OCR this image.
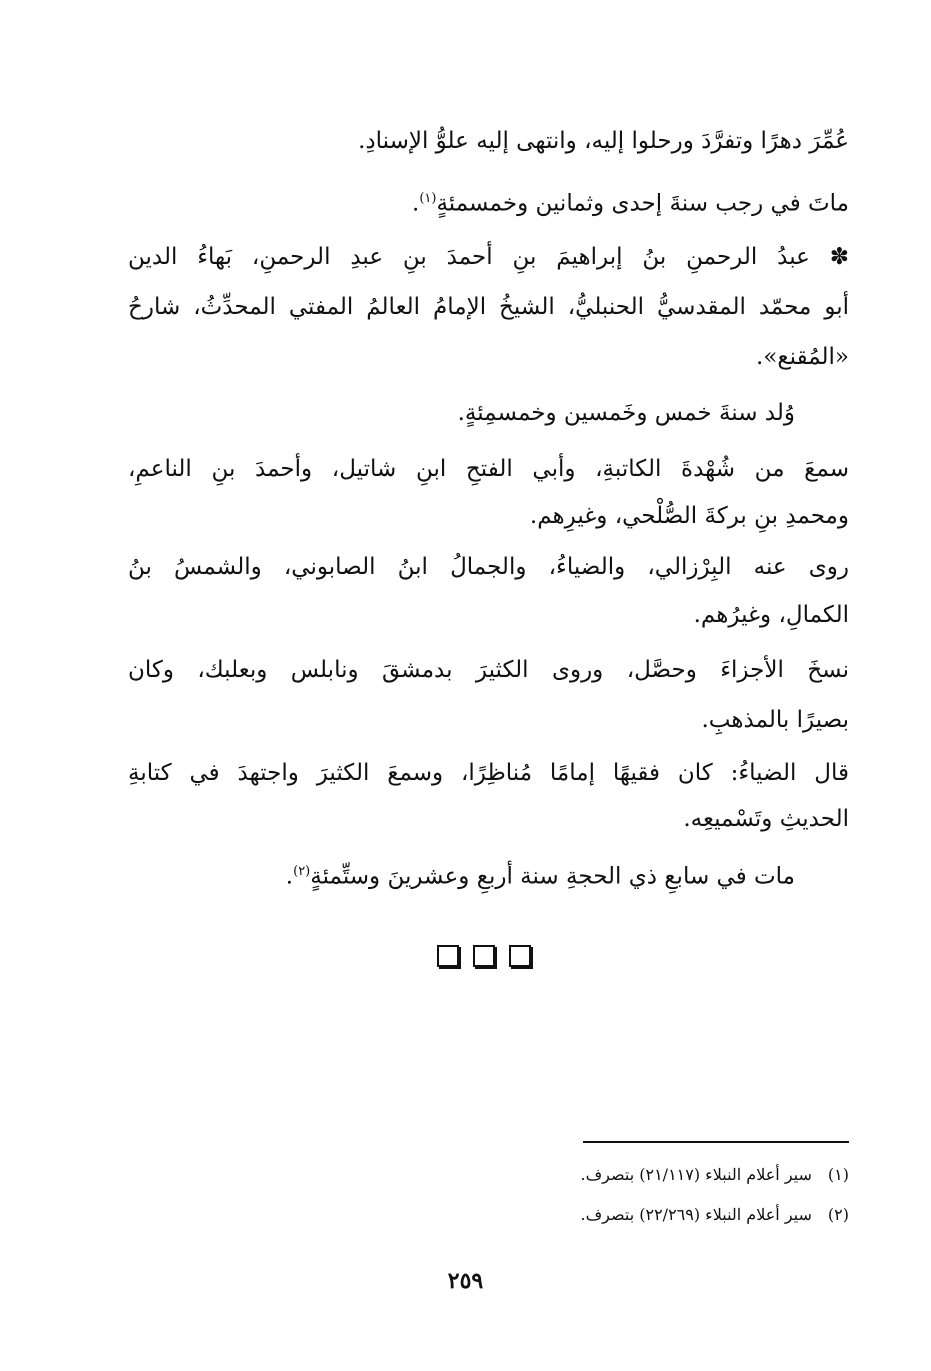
عُمِّرَ دهرًا وتفرَّدَ ورحلوا إليه، وانتهى إليه علوُّ الإسنادِ.
ماتَ في رجب سنةَ إحدى وثمانين وخمسمئةٍ$^{(١)}$.
✽ عبدُ الرحمنِ بنُ إبراهيمَ بنِ أحمدَ بنِ عبدِ الرحمنِ، بَهاءُ الدين
أبو محمّد المقدسيُّ الحنبليُّ، الشيخُ الإمامُ العالمُ المفتي المحدِّثُ، شارحُ
«المُقنع».
وُلد سنةَ خمس وخَمسين وخمسمِئةٍ.
سمعَ من شُهْدةَ الكاتبةِ، وأبي الفتحِ ابنِ شاتيل، وأحمدَ بنِ الناعمِ،
ومحمدِ بنِ بركةَ الصُّلْحي، وغيرِهم.
روى عنه البِرْزالي، والضياءُ، والجمالُ ابنُ الصابوني، والشمسُ بنُ
الكمالِ، وغيرُهم.
نسخَ الأجزاءَ وحصَّل، وروى الكثيرَ بدمشقَ ونابلس وبعلبك، وكان
بصيرًا بالمذهبِ.
قال الضياءُ: كان فقيهًا إمامًا مُناظِرًا، وسمعَ الكثيرَ واجتهدَ في كتابةِ
الحديثِ وتَسْميعِه.
مات في سابعِ ذي الحجةِ سنة أربعِ وعشرينَ وستِّمئةٍ$^{(٢)}$.
(١)سير أعلام النبلاء (٢١/١١٧) بتصرف.
(٢)سير أعلام النبلاء (٢٢/٢٦٩) بتصرف.
٢٥٩
